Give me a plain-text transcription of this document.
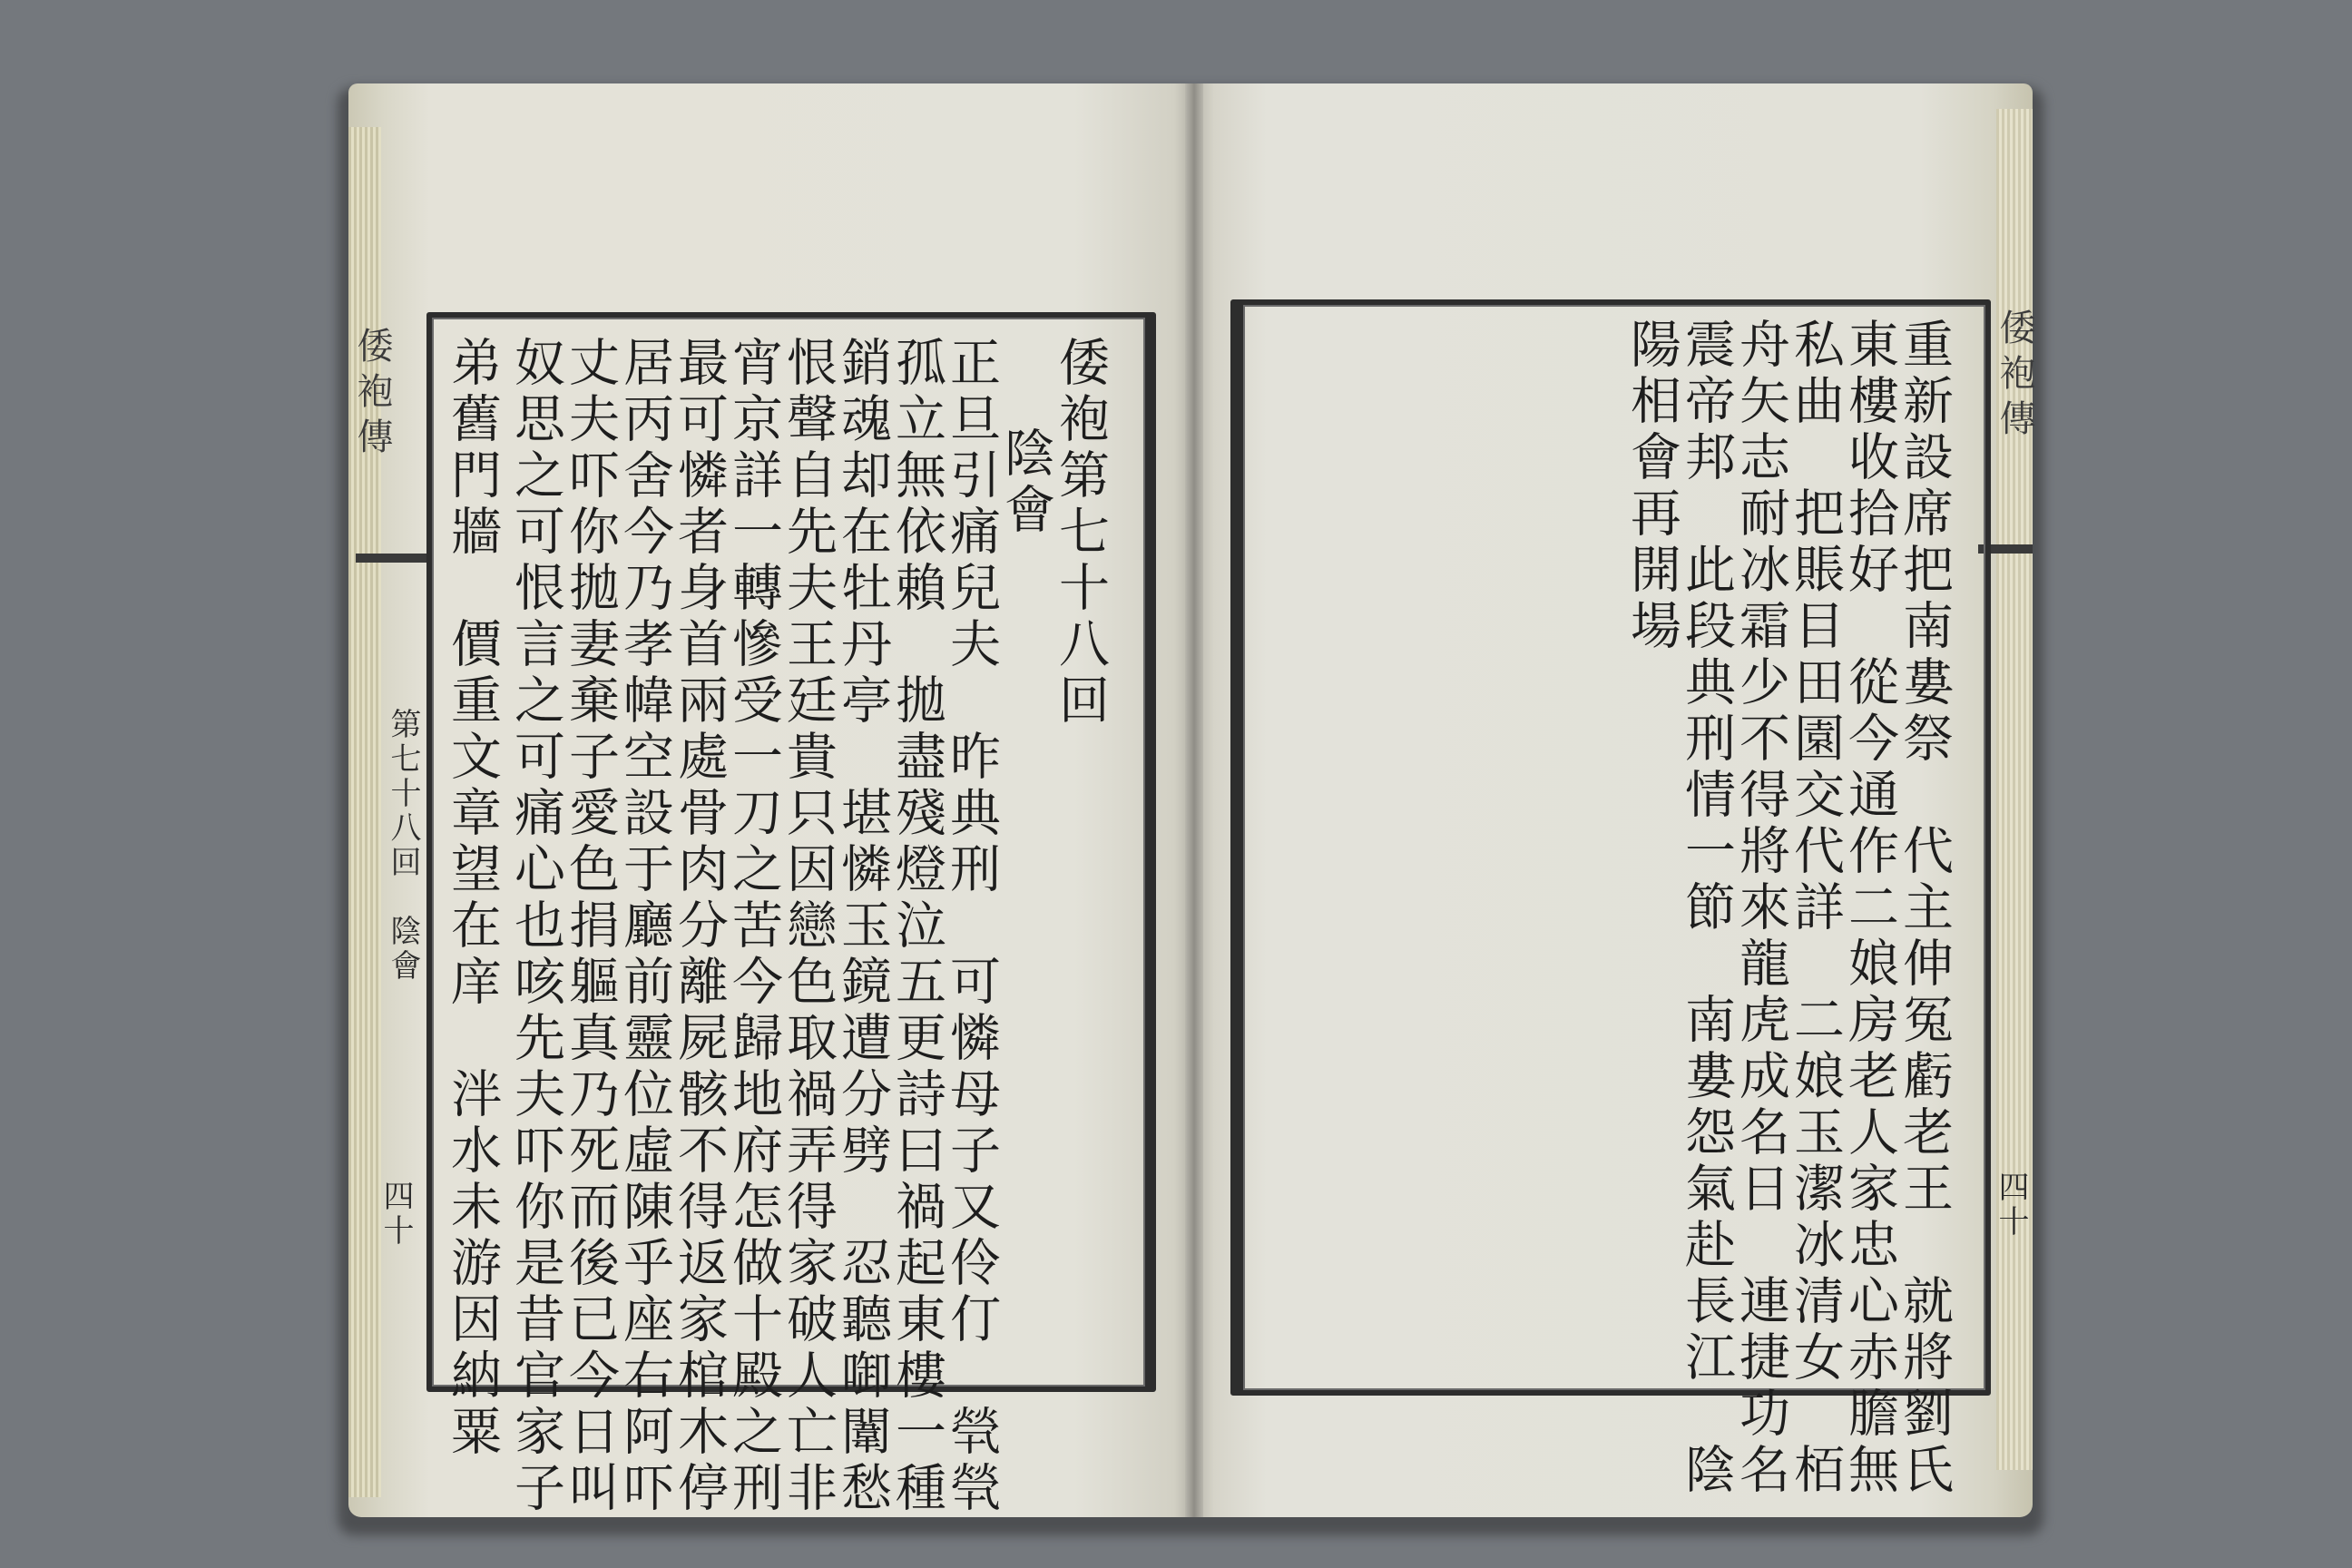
倭袍傳
第七十八回　陰會
四十
倭袍第七十八回
陰會
正旦引痛兒夫　昨典刑　可憐母子又伶仃　煢煢
孤立無依賴　拋盡殘燈泣五更詩曰禍起東樓一種
銷魂却在牡丹亭　堪憐玉鏡遭分劈　忍聽啣闈愁
恨聲自先夫王廷貴只因戀色取禍弄得家破人亡非
宵京詳一轉慘受一刀之苦今歸地府怎做十殿之刑
最可憐者身首兩處骨肉分離屍骸不得返家棺木停
居丙舍今乃孝幃空設于廳前靈位虛陳乎座右阿吓
丈夫吓你拋妻棄子愛色捐軀真乃死而後已今日叫
奴思之可恨言之可痛心也咳先夫吓你是昔官家子
弟舊門牆　價重文章望在庠　泮水未游因納粟	倭袍傳
四十
重新設席把南婁祭　代主伸冤虧老王　就將劉氏
東樓收拾好　從今通作二娘房老人家忠心赤膽無
私曲　把賬目田園交代詳　二娘玉潔冰清女　栢
舟矢志耐冰霜少不得將來龍虎成名日　連捷功名
震帝邦　此段典刑情一節　南婁怨氣赴長江　陰
陽相會再開場
